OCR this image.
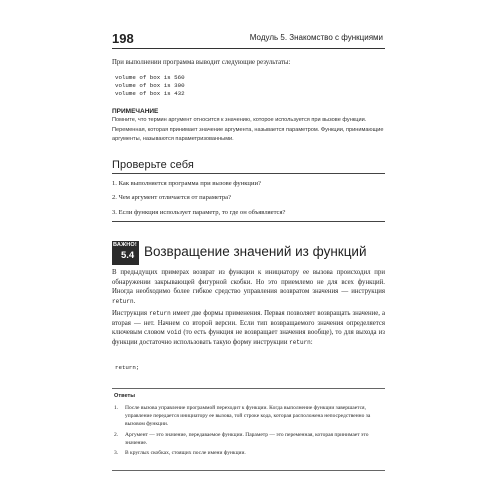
198	Модуль 5. Знакомство с функциями

При выполнении программа выводит следующие результаты:

volume of box is 560
volume of box is 300
volume of box is 432
ПРИМЕЧАНИЕ

Помните, что термин аргумент относится к значению, которое используется при вызове функции. Переменная, которая принимает значение аргумента, называется параметром. Функции, принимающие аргументы, называются параметризованными.

Проверьте себя
1. Как выполняется программа при вызове функции?
2. Чем аргумент отличается от параметра?
3. Если функция использует параметр, то где он объявляется?
ВАЖНО!
5.4 Возвращение значений из функций

В предыдущих примерах возврат из функции к инициатору ее вызова происходил при обнаружении закрывающей фигурной скобки. Но это приемлемо не для всех функций. Иногда необходимо более гибкое средство управления возвратом значения — инструкция return.

Инструкция return имеет две формы применения. Первая позволяет возвращать значение, а вторая — нет. Начнем со второй версии. Если тип возвращаемого значения определяется ключевым словом void (то есть функция не возвращает значения вообще), то для выхода из функции достаточно использовать такую форму инструкции return:

return;
Ответы
1. После вызова управление программой переходит к функции. Когда выполнение функции завершается, управление передается инициатору ее вызова, той строке кода, которая расположена непосредственно за вызовом функции.
2. Аргумент — это значение, передаваемое функции. Параметр — это переменная, которая принимает это значение.
3. В круглых скобках, стоящих после имени функции.
